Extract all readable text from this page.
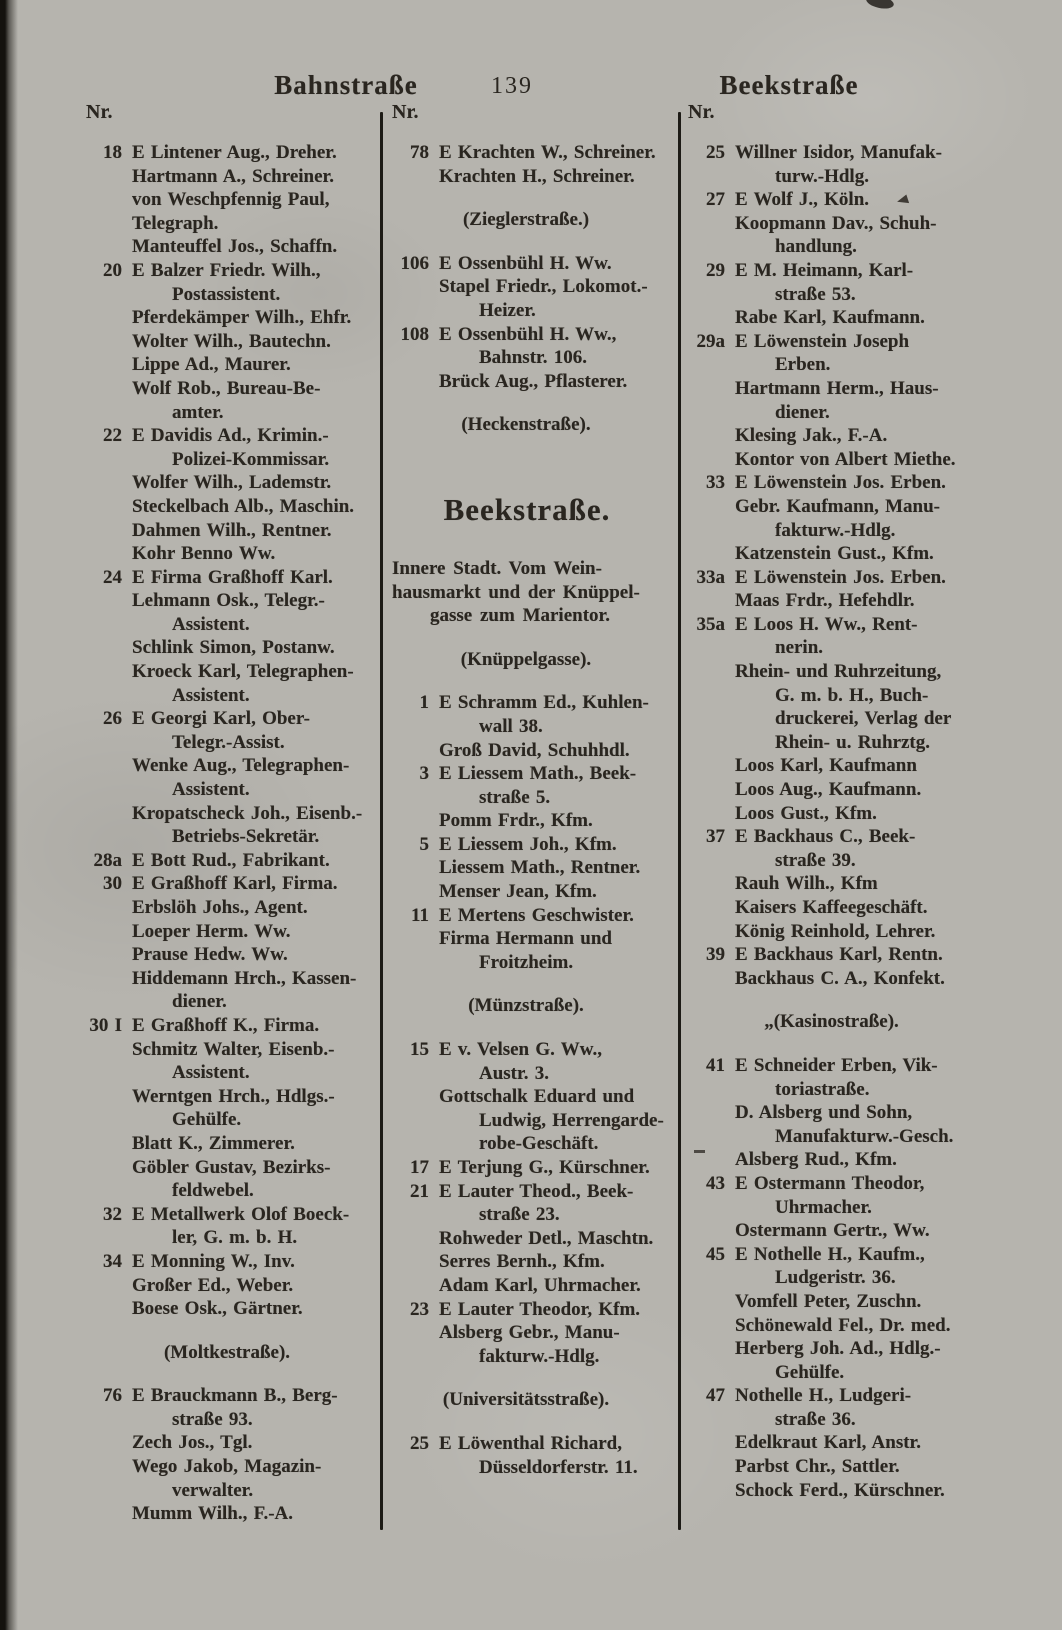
Bahnstraße	139	Beekstraße
Nr.	Nr.	Nr.
18 E Lintener Aug., Dreher.
Hartmann A., Schreiner.
von Weschpfennig Paul,
Telegraph.
Manteuffel Jos., Schaffn.
20 E Balzer Friedr. Wilh.,
Postassistent.
Pferdekämper Wilh., Ehfr.
Wolter Wilh., Bautechn.
Lippe Ad., Maurer.
Wolf Rob., Bureau-Be-
amter.
22 E Davidis Ad., Krimin.-
Polizei-Kommissar.
Wolfer Wilh., Lademstr.
Steckelbach Alb., Maschin.
Dahmen Wilh., Rentner.
Kohr Benno Ww.
24 E Firma Graßhoff Karl.
Lehmann Osk., Telegr.-
Assistent.
Schlink Simon, Postanw.
Kroeck Karl, Telegraphen-
Assistent.
26 E Georgi Karl, Ober-
Telegr.-Assist.
Wenke Aug., Telegraphen-
Assistent.
Kropatscheck Joh., Eisenb.-
Betriebs-Sekretär.
28a E Bott Rud., Fabrikant.
30 E Graßhoff Karl, Firma.
Erbslöh Johs., Agent.
Loeper Herm. Ww.
Prause Hedw. Ww.
Hiddemann Hrch., Kassen-
diener.
30 I E Graßhoff K., Firma.
Schmitz Walter, Eisenb.-
Assistent.
Werntgen Hrch., Hdlgs.-
Gehülfe.
Blatt K., Zimmerer.
Göbler Gustav, Bezirks-
feldwebel.
32 E Metallwerk Olof Boeck-
ler, G. m. b. H.
34 E Monning W., Inv.
Großer Ed., Weber.
Boese Osk., Gärtner.
(Moltkestraße).
76 E Brauckmann B., Berg-
straße 93.
Zech Jos., Tgl.
Wego Jakob, Magazin-
verwalter.
Mumm Wilh., F.-A.
78 E Krachten W., Schreiner.
Krachten H., Schreiner.
(Zieglerstraße.)
106 E Ossenbühl H. Ww.
Stapel Friedr., Lokomot.-
Heizer.
108 E Ossenbühl H. Ww.,
Bahnstr. 106.
Brück Aug., Pflasterer.
(Heckenstraße).
Beekstraße.
Innere Stadt. Vom Wein-
hausmarkt und der Knüppel-
gasse zum Marientor.
(Knüppelgasse).
1 E Schramm Ed., Kuhlen-
wall 38.
Groß David, Schuhhdl.
3 E Liessem Math., Beek-
straße 5.
Pomm Frdr., Kfm.
5 E Liessem Joh., Kfm.
Liessem Math., Rentner.
Menser Jean, Kfm.
11 E Mertens Geschwister.
Firma Hermann und
Froitzheim.
(Münzstraße).
15 E v. Velsen G. Ww.,
Austr. 3.
Gottschalk Eduard und
Ludwig, Herrengarde-
robe-Geschäft.
17 E Terjung G., Kürschner.
21 E Lauter Theod., Beek-
straße 23.
Rohweder Detl., Maschtn.
Serres Bernh., Kfm.
Adam Karl, Uhrmacher.
23 E Lauter Theodor, Kfm.
Alsberg Gebr., Manu-
fakturw.-Hdlg.
(Universitätsstraße).
25 E Löwenthal Richard,
Düsseldorferstr. 11.
25 Willner Isidor, Manufak-
turw.-Hdlg.
27 E Wolf J., Köln.
Koopmann Dav., Schuh-
handlung.
29 E M. Heimann, Karl-
straße 53.
Rabe Karl, Kaufmann.
29a E Löwenstein Joseph
Erben.
Hartmann Herm., Haus-
diener.
Klesing Jak., F.-A.
Kontor von Albert Miethe.
33 E Löwenstein Jos. Erben.
Gebr. Kaufmann, Manu-
fakturw.-Hdlg.
Katzenstein Gust., Kfm.
33a E Löwenstein Jos. Erben.
Maas Frdr., Hefehdlr.
35a E Loos H. Ww., Rent-
nerin.
Rhein- und Ruhrzeitung,
G. m. b. H., Buch-
druckerei, Verlag der
Rhein- u. Ruhrztg.
Loos Karl, Kaufmann
Loos Aug., Kaufmann.
Loos Gust., Kfm.
37 E Backhaus C., Beek-
straße 39.
Rauh Wilh., Kfm
Kaisers Kaffeegeschäft.
König Reinhold, Lehrer.
39 E Backhaus Karl, Rentn.
Backhaus C. A., Konfekt.
„(Kasinostraße).
41 E Schneider Erben, Vik-
toriastraße.
D. Alsberg und Sohn,
Manufakturw.-Gesch.
Alsberg Rud., Kfm.
43 E Ostermann Theodor,
Uhrmacher.
Ostermann Gertr., Ww.
45 E Nothelle H., Kaufm.,
Ludgeristr. 36.
Vomfell Peter, Zuschn.
Schönewald Fel., Dr. med.
Herberg Joh. Ad., Hdlg.-
Gehülfe.
47 Nothelle H., Ludgeri-
straße 36.
Edelkraut Karl, Anstr.
Parbst Chr., Sattler.
Schock Ferd., Kürschner.
